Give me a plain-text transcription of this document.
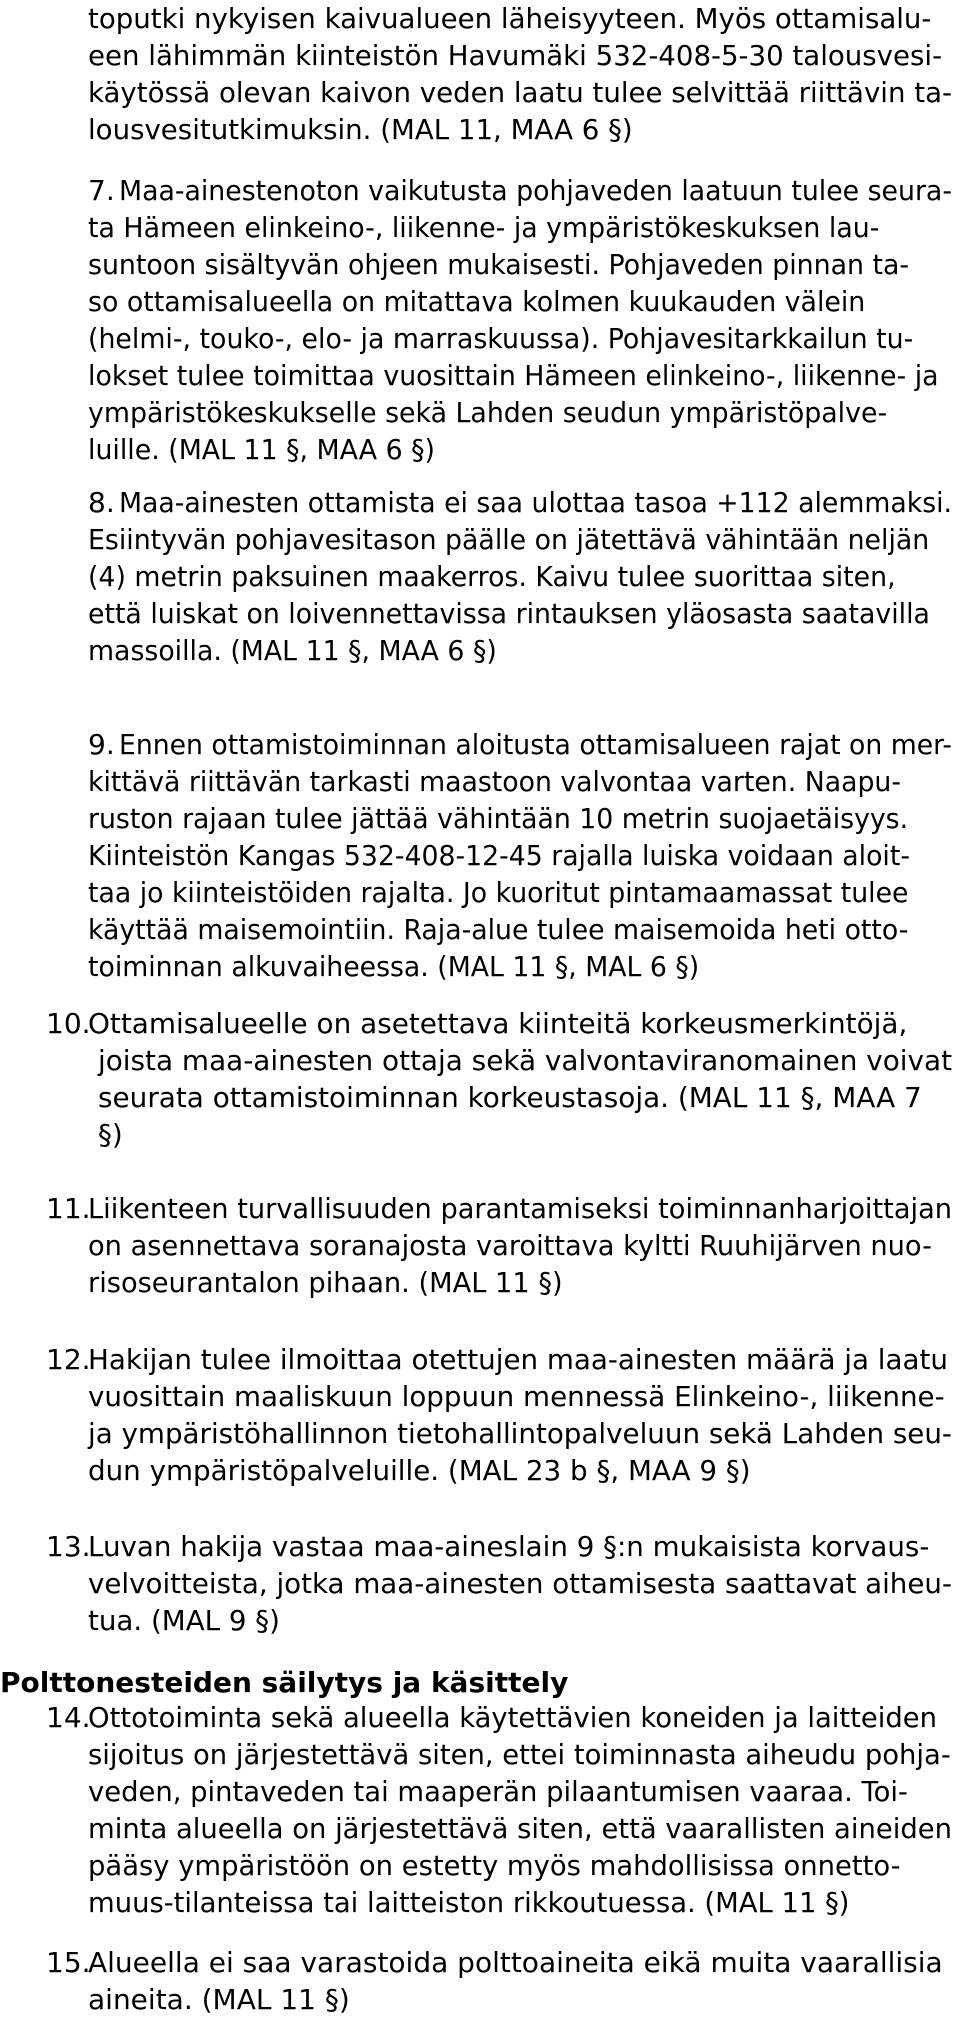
toputki nykyisen kaivualueen läheisyyteen. Myös ottamisalu-
een lähimmän kiinteistön Havumäki 532-408-5-30 talousvesi-
käytössä olevan kaivon veden laatu tulee selvittää riittävin ta-
lousvesitutkimuksin. (MAL 11, MAA 6 §)
7. Maa-ainestenoton vaikutusta pohjaveden laatuun tulee seura-
ta Hämeen elinkeino-, liikenne- ja ympäristökeskuksen lau-
suntoon sisältyvän ohjeen mukaisesti. Pohjaveden pinnan ta-
so ottamisalueella on mitattava kolmen kuukauden välein
(helmi-, touko-, elo- ja marraskuussa). Pohjavesitarkkailun tu-
lokset tulee toimittaa vuosittain Hämeen elinkeino-, liikenne- ja
ympäristökeskukselle sekä Lahden seudun ympäristöpalve-
luille. (MAL 11 §, MAA 6 §)
8. Maa-ainesten ottamista ei saa ulottaa tasoa +112 alemmaksi.
Esiintyvän pohjavesitason päälle on jätettävä vähintään neljän
(4) metrin paksuinen maakerros. Kaivu tulee suorittaa siten,
että luiskat on loivennettavissa rintauksen yläosasta saatavilla
massoilla. (MAL 11 §, MAA 6 §)
9. Ennen ottamistoiminnan aloitusta ottamisalueen rajat on mer-
kittävä riittävän tarkasti maastoon valvontaa varten. Naapu-
ruston rajaan tulee jättää vähintään 10 metrin suojaetäisyys.
Kiinteistön Kangas 532-408-12-45 rajalla luiska voidaan aloit-
taa jo kiinteistöiden rajalta. Jo kuoritut pintamaamassat tulee
käyttää maisemointiin. Raja-alue tulee maisemoida heti otto-
toiminnan alkuvaiheessa. (MAL 11 §, MAL 6 §)
10.
Ottamisalueelle on asetettava kiinteitä korkeusmerkintöjä,
joista maa-ainesten ottaja sekä valvontaviranomainen voivat
seurata ottamistoiminnan korkeustasoja. (MAL 11 §, MAA 7
§)
11.
Liikenteen turvallisuuden parantamiseksi toiminnanharjoittajan
on asennettava soranajosta varoittava kyltti Ruuhijärven nuo-
risoseurantalon pihaan. (MAL 11 §)
12.
Hakijan tulee ilmoittaa otettujen maa-ainesten määrä ja laatu
vuosittain maaliskuun loppuun mennessä Elinkeino-, liikenne-
ja ympäristöhallinnon tietohallintopalveluun sekä Lahden seu-
dun ympäristöpalveluille. (MAL 23 b §, MAA 9 §)
13.
Luvan hakija vastaa maa-aineslain 9 §:n mukaisista korvaus-
velvoitteista, jotka maa-ainesten ottamisesta saattavat aiheu-
tua. (MAL 9 §)
Polttonesteiden säilytys ja käsittely
14.
Ottotoiminta sekä alueella käytettävien koneiden ja laitteiden
sijoitus on järjestettävä siten, ettei toiminnasta aiheudu pohja-
veden, pintaveden tai maaperän pilaantumisen vaaraa. Toi-
minta alueella on järjestettävä siten, että vaarallisten aineiden
pääsy ympäristöön on estetty myös mahdollisissa onnetto-
muus-tilanteissa tai laitteiston rikkoutuessa. (MAL 11 §)
15.
Alueella ei saa varastoida polttoaineita eikä muita vaarallisia
aineita. (MAL 11 §)
